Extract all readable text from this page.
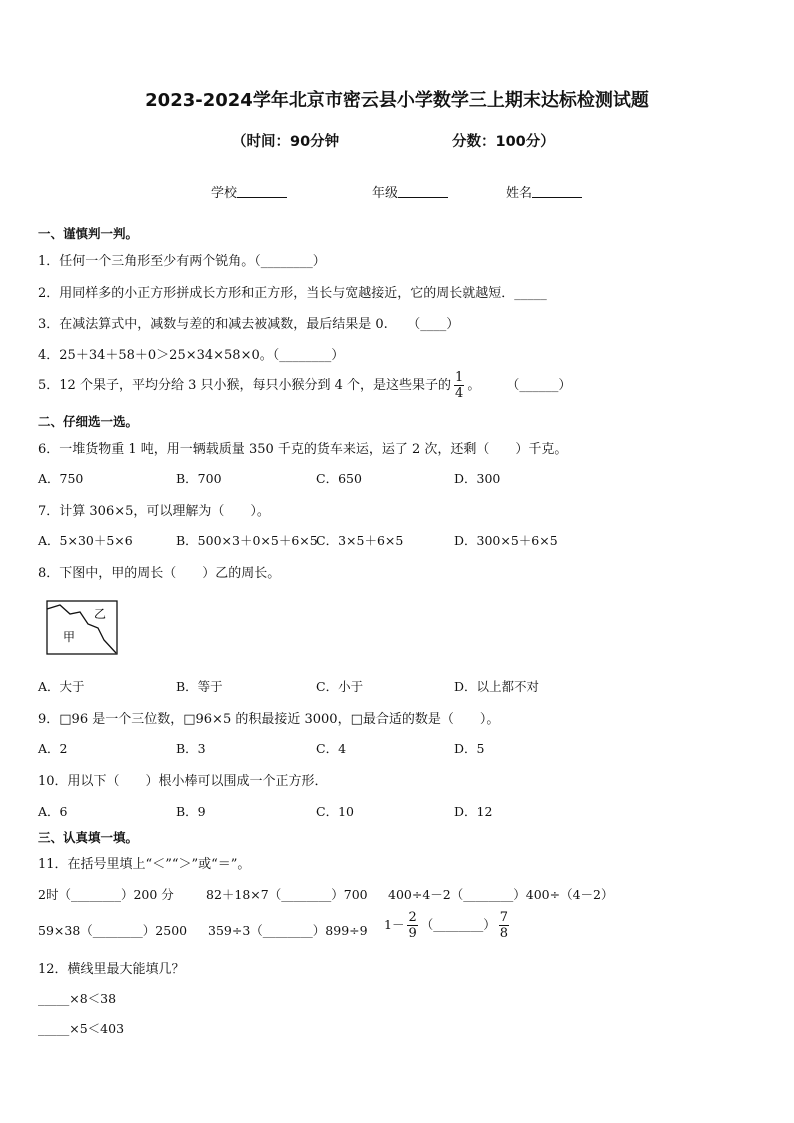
2023-2024学年北京市密云县小学数学三上期末达标检测试题
（时间：90分钟	分数：100分）
学校	年级	姓名
一、谨慎判一判。
1．任何一个三角形至少有两个锐角。（________）
2．用同样多的小正方形拼成长方形和正方形，当长与宽越接近，它的周长就越短．_____
3．在减法算式中，减数与差的和减去被减数，最后结果是 0.　　（____）
4．25＋34＋58＋0＞25×34×58×0。（________）
5．12 个果子，平均分给 3 只小猴，每只小猴分到 4 个，是这些果子的 $\frac{1}{4}$ 。　　　（______）
二、仔细选一选。
6．一堆货物重 1 吨，用一辆载质量 350 千克的货车来运，运了 2 次，还剩（　　）千克。
A．750	B．700	C．650	D．300
7．计算 306×5，可以理解为（　　）。
A．5×30＋5×6	B．500×3＋0×5＋6×5
C．3×5＋6×5	D．300×5＋6×5
8．下图中，甲的周长（　　）乙的周长。
乙
甲
A．大于	B．等于	C．小于	D．以上都不对
9．□96 是一个三位数，□96×5 的积最接近 3000，□最合适的数是（　　）。
A．2	B．3	C．4	D．5
10．用以下（　　）根小棒可以围成一个正方形．
A．6	B．9	C．10	D．12
三、认真填一填。
11．在括号里填上“＜”“＞”或“＝”。
2时（________）200 分	82＋18×7（________）700 400÷4－2（________）400÷（4－2）
59×38（________）2500 359÷3（________）899÷9 $1- \frac{2}{9}$ （________） $\frac{7}{8}$
12．横线里最大能填几？
_____×8＜38
_____×5＜403
